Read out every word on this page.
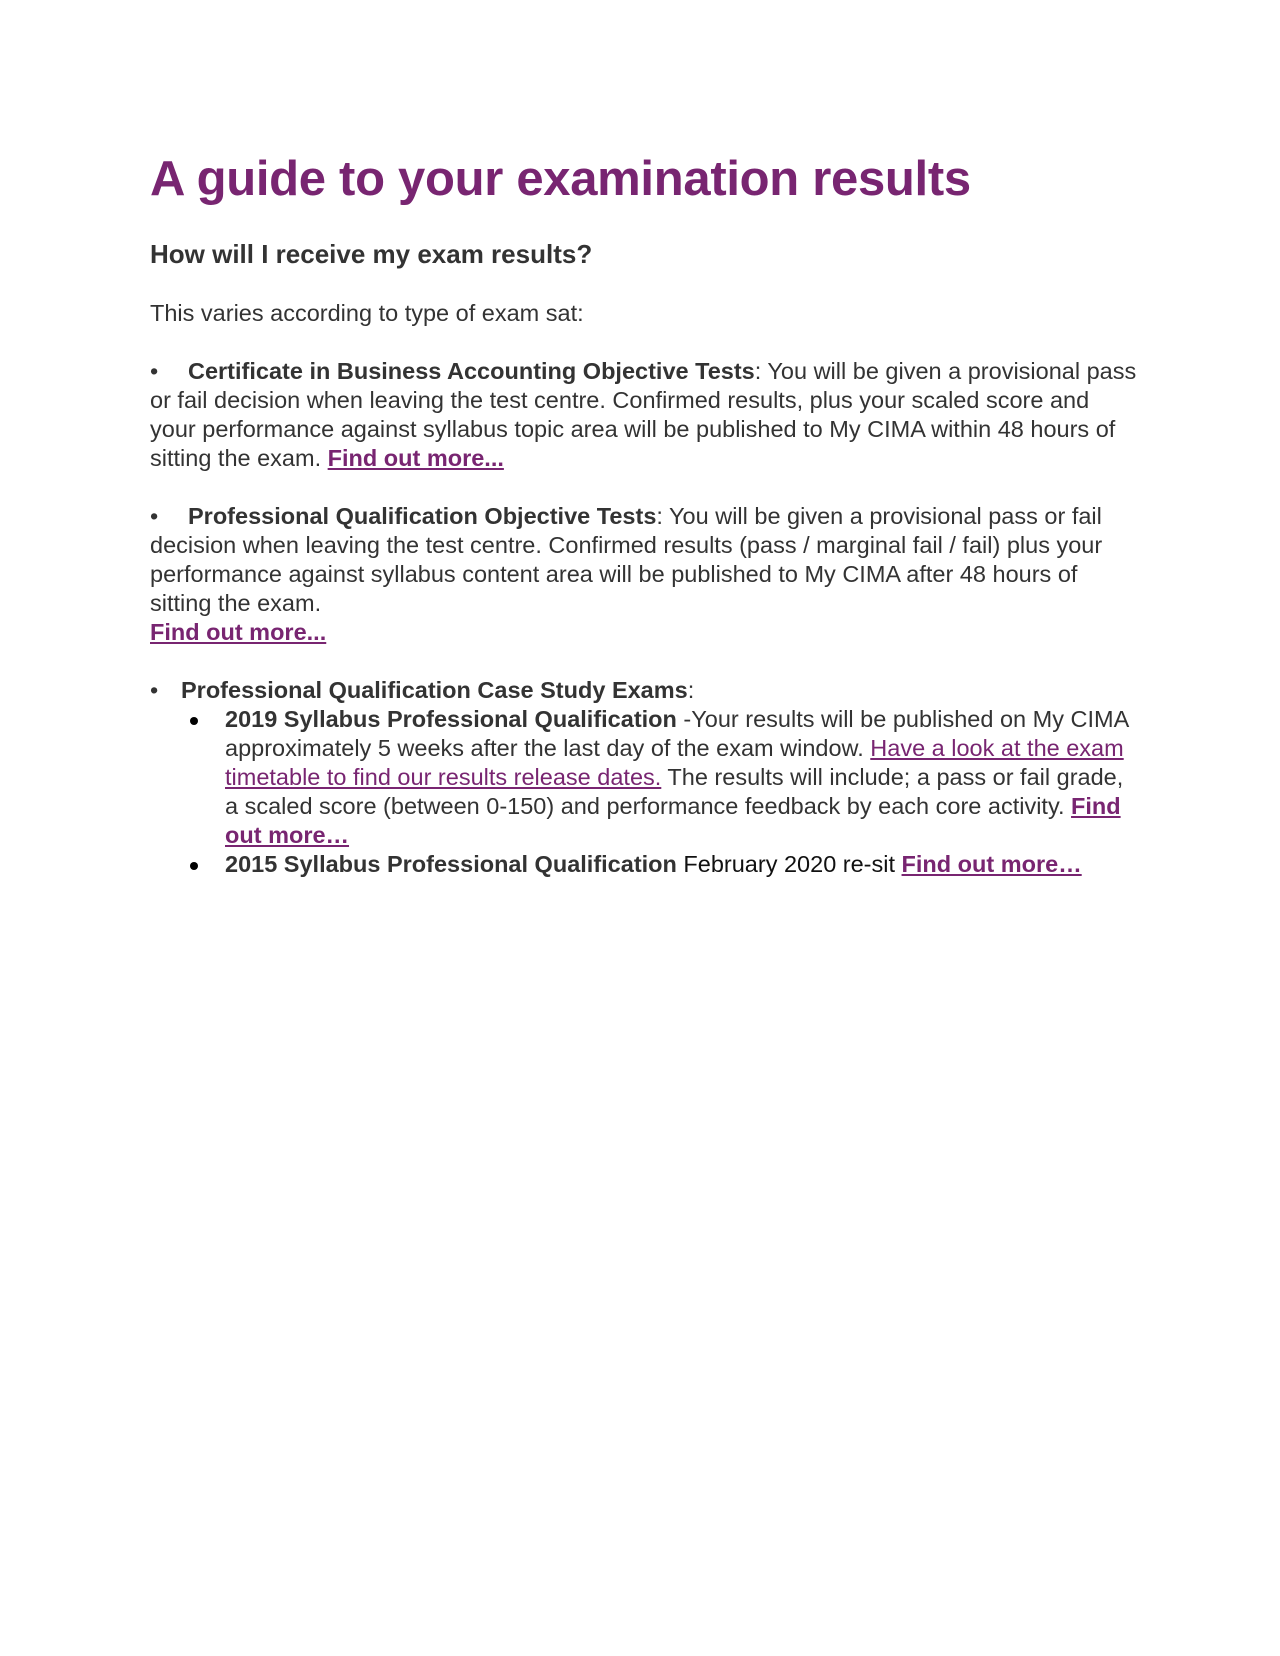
A guide to your examination results
How will I receive my exam results?

This varies according to type of exam sat:

• Certificate in Business Accounting Objective Tests: You will be given a provisional pass or fail decision when leaving the test centre. Confirmed results, plus your scaled score and your performance against syllabus topic area will be published to My CIMA within 48 hours of sitting the exam. Find out more...

• Professional Qualification Objective Tests: You will be given a provisional pass or fail decision when leaving the test centre. Confirmed results (pass / marginal fail / fail) plus your performance against syllabus content area will be published to My CIMA after 48 hours of sitting the exam.
Find out more...

• Professional Qualification Case Study Exams:
2019 Syllabus Professional Qualification -Your results will be published on My CIMA approximately 5 weeks after the last day of the exam window. Have a look at the exam timetable to find our results release dates. The results will include; a pass or fail grade, a scaled score (between 0-150) and performance feedback by each core activity. Find out more…
2015 Syllabus Professional Qualification February 2020 re-sit Find out more…
